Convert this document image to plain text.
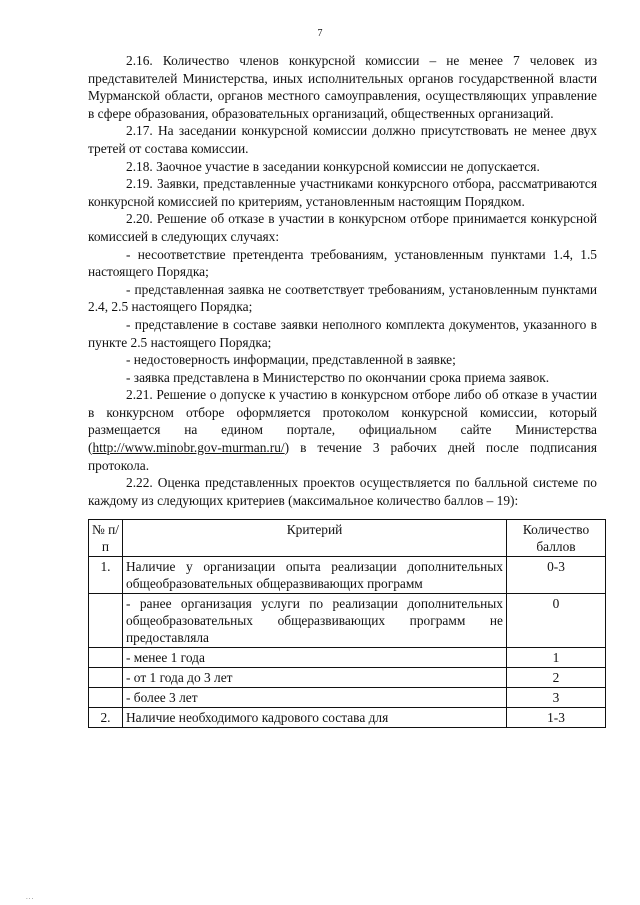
7

2.16. Количество членов конкурсной комиссии – не менее 7 человек из представителей Министерства, иных исполнительных органов государственной власти Мурманской области, органов местного самоуправления, осуществляющих управление в сфере образования, образовательных организаций, общественных организаций.

2.17. На заседании конкурсной комиссии должно присутствовать не менее двух третей от состава комиссии.

2.18. Заочное участие в заседании конкурсной комиссии не допускается.

2.19. Заявки, представленные участниками конкурсного отбора, рассматриваются конкурсной комиссией по критериям, установленным настоящим Порядком.

2.20. Решение об отказе в участии в конкурсном отборе принимается конкурсной комиссией в следующих случаях:

- несоответствие претендента требованиям, установленным пунктами 1.4, 1.5 настоящего Порядка;

- представленная заявка не соответствует требованиям, установленным пунктами 2.4, 2.5 настоящего Порядка;

- представление в составе заявки неполного комплекта документов, указанного в пункте 2.5 настоящего Порядка;

- недостоверность информации, представленной в заявке;

- заявка представлена в Министерство по окончании срока приема заявок.

2.21. Решение о допуске к участию в конкурсном отборе либо об отказе в участии в конкурсном отборе оформляется протоколом конкурсной комиссии, который размещается на едином портале, официальном сайте Министерства (http://www.minobr.gov-murman.ru/) в течение 3 рабочих дней после подписания протокола.

2.22. Оценка представленных проектов осуществляется по балльной системе по каждому из следующих критериев (максимальное количество баллов – 19):

№ п/п	Критерий	Количество баллов
1.	Наличие у организации опыта реализации дополнительных общеобразовательных общеразвивающих программ	0-3
	- ранее организация услуги по реализации дополнительных общеобразовательных общеразвивающих программ не предоставляла	0
	- менее 1 года	1
	- от 1 года до 3 лет	2
	- более 3 лет	3
2.	Наличие необходимого кадрового состава для	1-3
...
